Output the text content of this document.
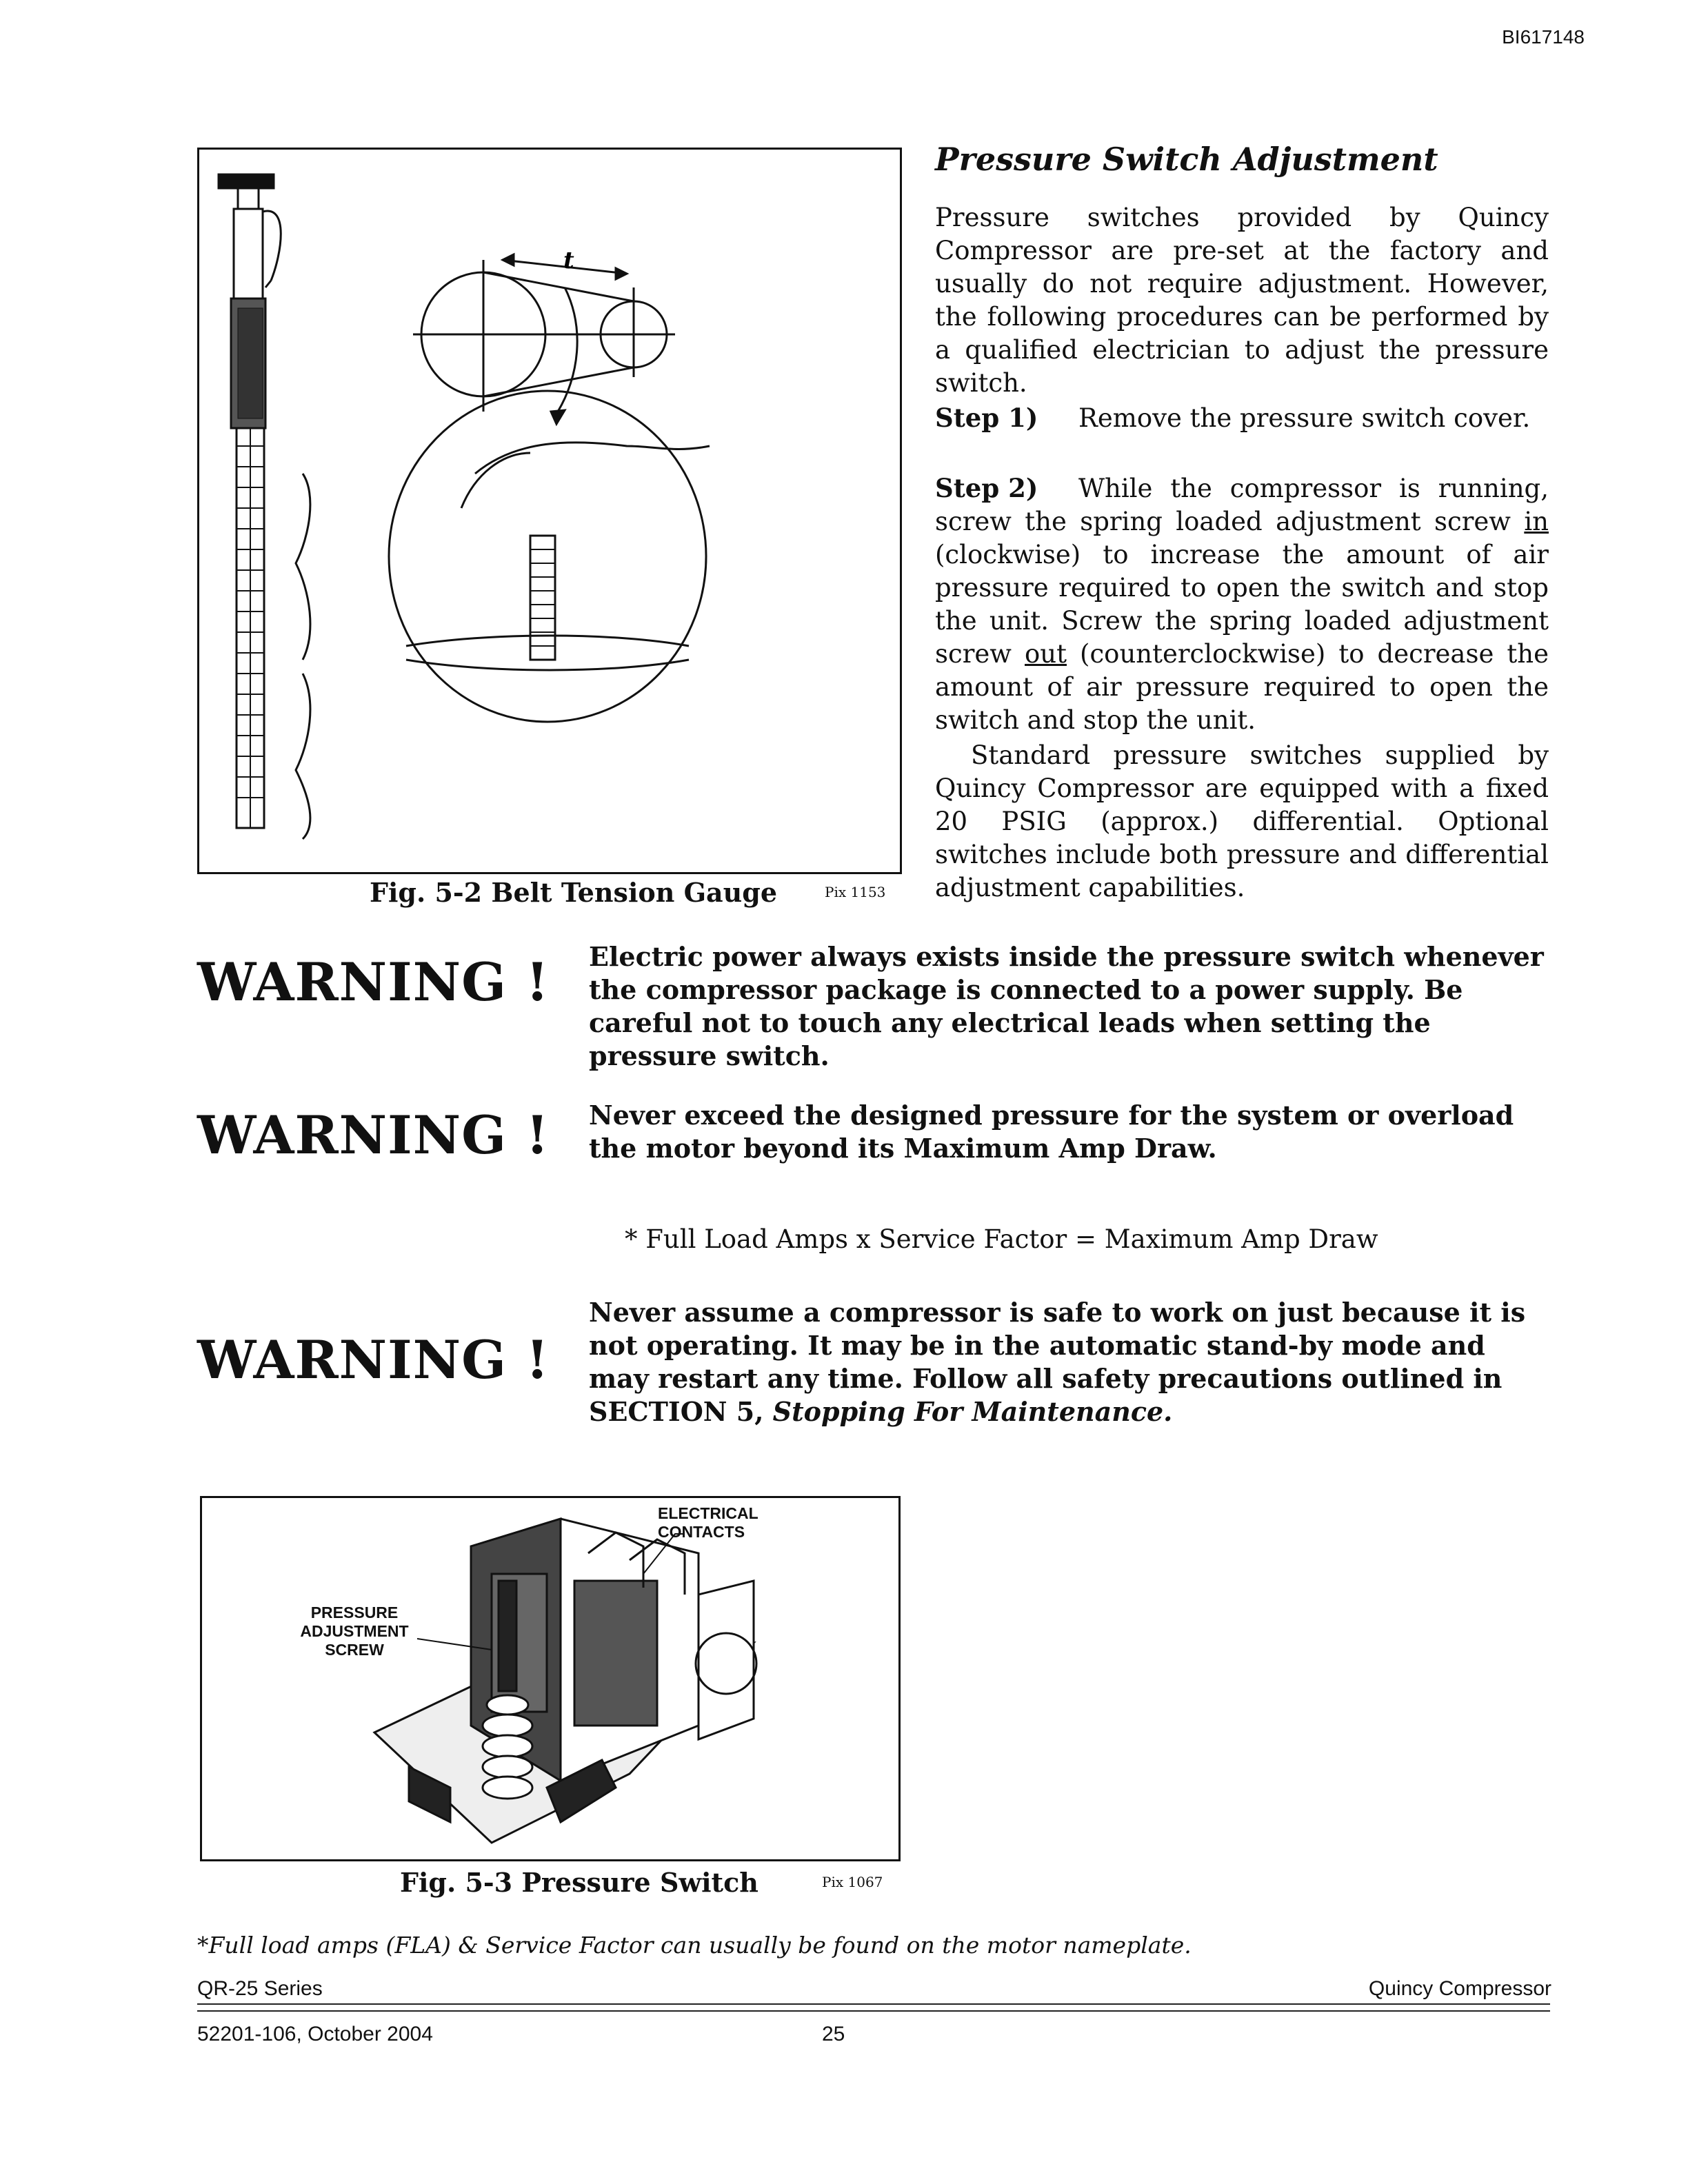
BI617148
t
Fig. 5-2 Belt Tension Gauge	Pix 1153
Pressure Switch Adjustment
Pressure switches provided by Quincy Compressor are pre-set at the factory and usually do not require adjustment. However, the following procedures can be performed by a qualified electrician to adjust the pressure switch.
Step 1) Remove the pressure switch cover.
Step 2) While the compressor is running, screw the spring loaded adjustment screw in (clockwise) to increase the amount of air pressure required to open the switch and stop the unit. Screw the spring loaded adjustment screw out (counterclockwise) to decrease the amount of air pressure required to open the switch and stop the unit.
Standard pressure switches supplied by Quincy Compressor are equipped with a fixed 20 PSIG (approx.) differential. Optional switches include both pressure and differential adjustment capabilities.
WARNING ! Electric power always exists inside the pressure switch whenever the compressor package is connected to a power supply. Be careful not to touch any electrical leads when setting the pressure switch.
WARNING ! Never exceed the designed pressure for the system or overload the motor beyond its Maximum Amp Draw.
* Full Load Amps x Service Factor = Maximum Amp Draw
WARNING !
Never assume a compressor is safe to work on just because it is not operating. It may be in the automatic stand-by mode and may restart any time. Follow all safety precautions outlined in SECTION 5, Stopping For Maintenance.
ELECTRICAL
CONTACTS
PRESSURE
ADJUSTMENT
SCREW
Fig. 5-3 Pressure Switch	Pix 1067
*Full load amps (FLA) & Service Factor can usually be found on the motor nameplate.
QR-25 Series	Quincy Compressor
52201-106, October 2004	25
